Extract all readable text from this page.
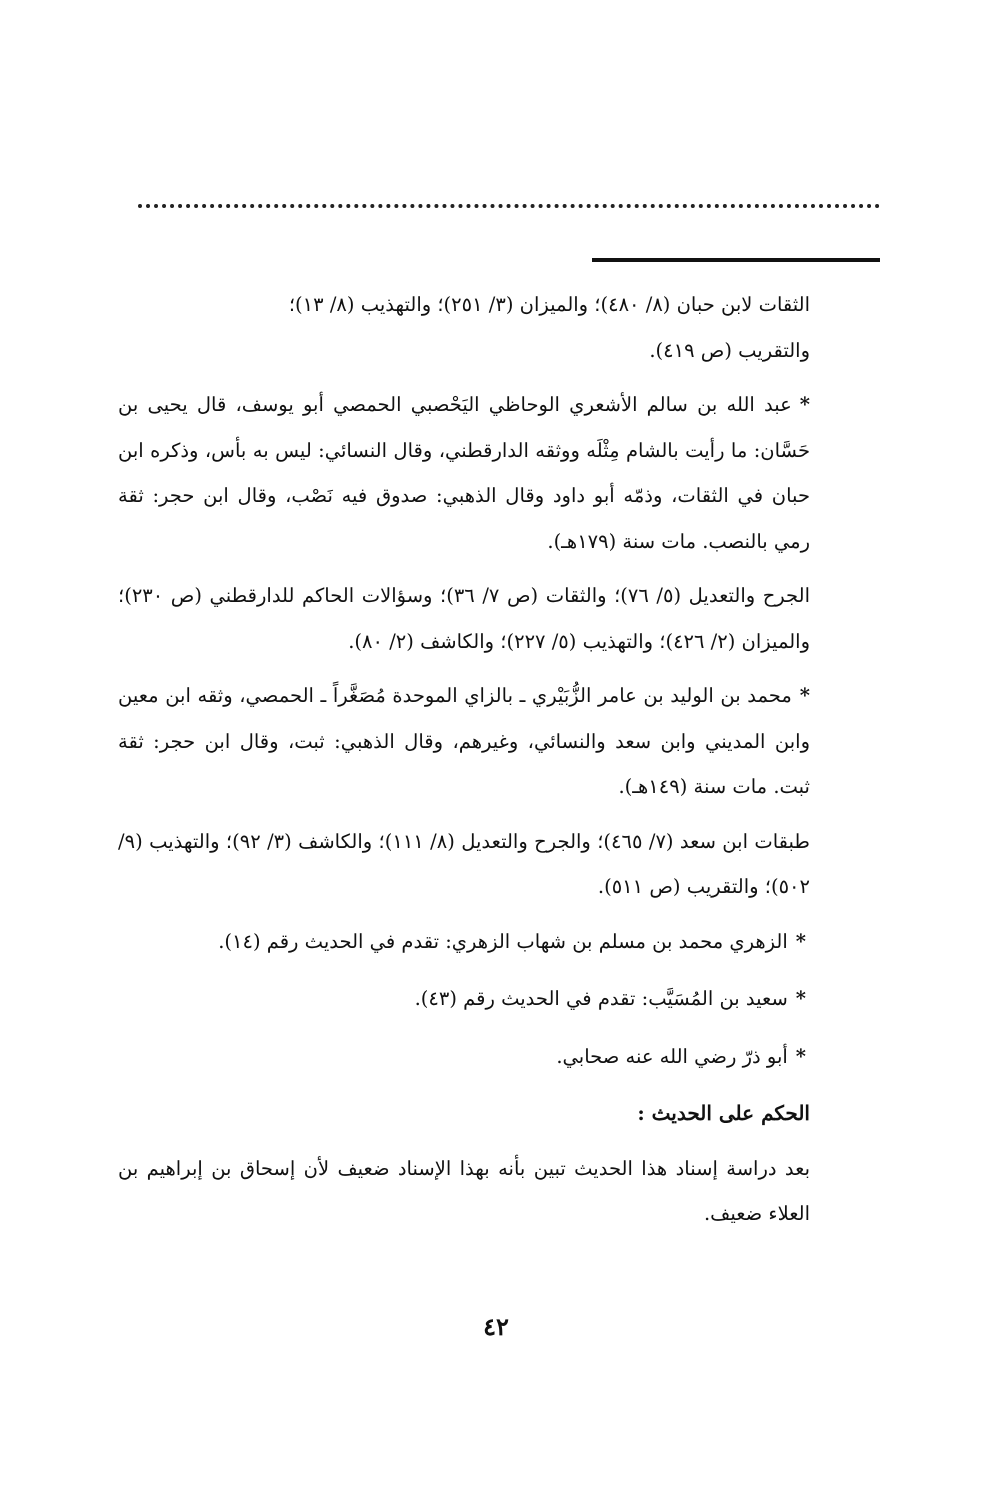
الثقات لابن حبان (٨/ ٤٨٠)؛ والميزان (٣/ ٢٥١)؛ والتهذيب (٨/ ١٣)؛
والتقريب (ص ٤١٩).

*عبد الله بن سالم الأشعري الوحاظي اليَحْصبي الحمصي أبو يوسف، قال يحيى بن حَسَّان: ما رأيت بالشام مِثْلَه ووثقه الدارقطني، وقال النسائي: ليس به بأس، وذكره ابن حبان في الثقات، وذمّه أبو داود وقال الذهبي: صدوق فيه نَصْب، وقال ابن حجر: ثقة رمي بالنصب. مات سنة (١٧٩هـ).

الجرح والتعديل (٥/ ٧٦)؛ والثقات (ص ٧/ ٣٦)؛ وسؤالات الحاكم للدارقطني (ص ٢٣٠)؛ والميزان (٢/ ٤٢٦)؛ والتهذيب (٥/ ٢٢٧)؛ والكاشف (٢/ ٨٠).

*محمد بن الوليد بن عامر الزُّبَيْري ـ بالزاي الموحدة مُصَغَّراً ـ الحمصي، وثقه ابن معين وابن المديني وابن سعد والنسائي، وغيرهم، وقال الذهبي: ثبت، وقال ابن حجر: ثقة ثبت. مات سنة (١٤٩هـ).

طبقات ابن سعد (٧/ ٤٦٥)؛ والجرح والتعديل (٨/ ١١١)؛ والكاشف (٣/ ٩٢)؛ والتهذيب (٩/ ٥٠٢)؛ والتقريب (ص ٥١١).

*الزهري محمد بن مسلم بن شهاب الزهري: تقدم في الحديث رقم (١٤).

*سعيد بن المُسَيَّب: تقدم في الحديث رقم (٤٣).

*أبو ذرّ رضي الله عنه صحابي.

الحكم على الحديث :

بعد دراسة إسناد هذا الحديث تبين بأنه بهذا الإسناد ضعيف لأن إسحاق بن إبراهيم بن العلاء ضعيف.

٤٢
